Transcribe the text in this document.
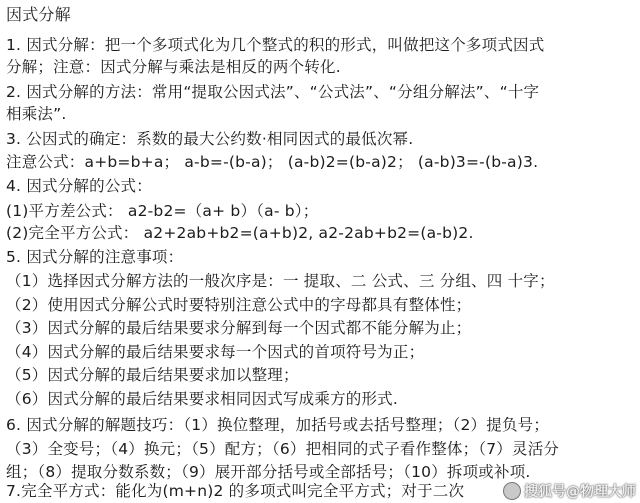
因式分解
1. 因式分解：把一个多项式化为几个整式的积的形式，叫做把这个多项式因式
分解；注意：因式分解与乘法是相反的两个转化.
2. 因式分解的方法：常用“提取公因式法”、“公式法”、“分组分解法”、“十字
相乘法”.
3. 公因式的确定：系数的最大公约数·相同因式的最低次幂.
注意公式：a+b=b+a； a-b=-(b-a)； (a-b)2=(b-a)2； (a-b)3=-(b-a)3.
4. 因式分解的公式：
(1)平方差公式： a2-b2=（a+ b）（a- b）；
(2)完全平方公式： a2+2ab+b2=(a+b)2, a2-2ab+b2=(a-b)2.
5. 因式分解的注意事项：
（1）选择因式分解方法的一般次序是：一 提取、二 公式、三 分组、四 十字；
（2）使用因式分解公式时要特别注意公式中的字母都具有整体性；
（3）因式分解的最后结果要求分解到每一个因式都不能分解为止；
（4）因式分解的最后结果要求每一个因式的首项符号为正；
（5）因式分解的最后结果要求加以整理；
（6）因式分解的最后结果要求相同因式写成乘方的形式.
6. 因式分解的解题技巧：（1）换位整理，加括号或去括号整理；（2）提负号；
（3）全变号；（4）换元；（5）配方；（6）把相同的式子看作整体；（7）灵活分
组；（8）提取分数系数；（9）展开部分括号或全部括号；（10）拆项或补项.
7.完全平方式：能化为(m+n)2 的多项式叫完全平方式；对于二次	搜狐号@物理大师
